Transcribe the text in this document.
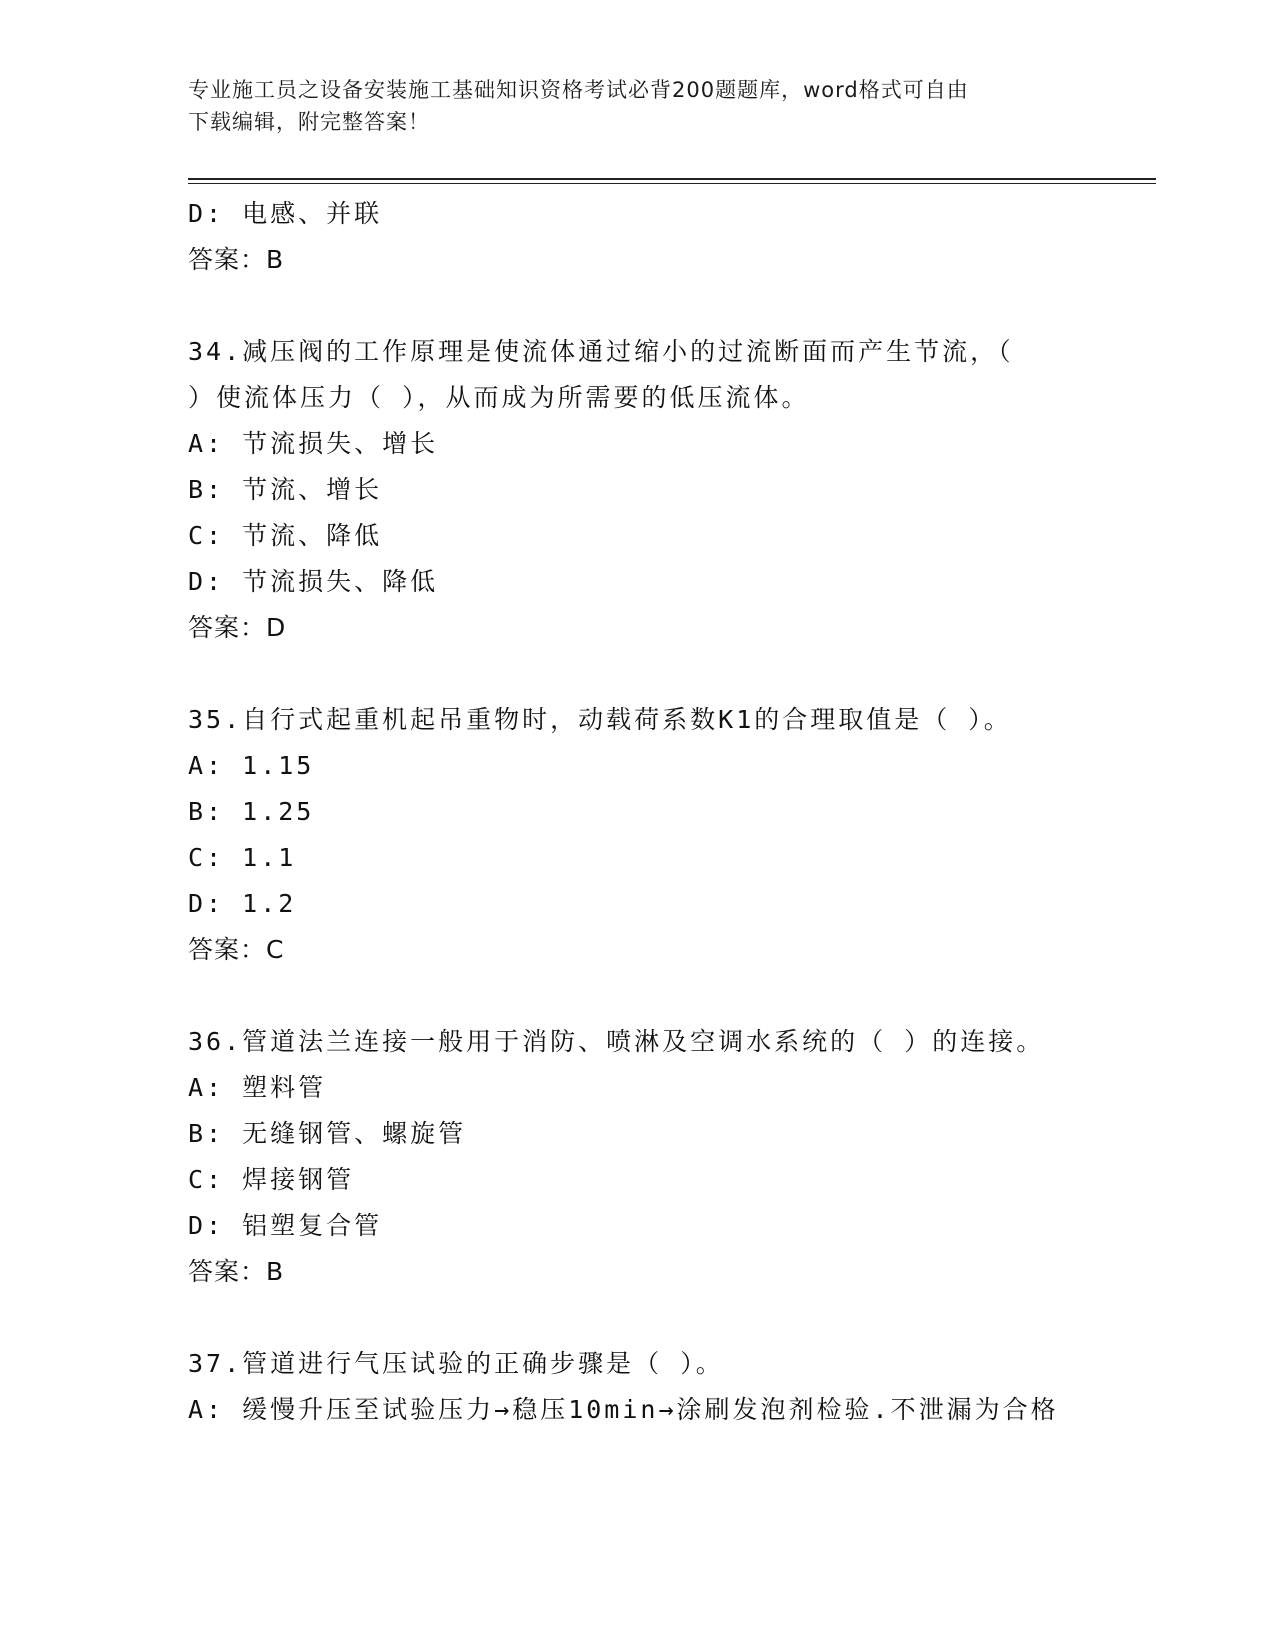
专业施工员之设备安装施工基础知识资格考试必背200题题库，word格式可自由
下载编辑，附完整答案！
D: 电感、并联
答案：B
34.减压阀的工作原理是使流体通过缩小的过流断面而产生节流，（
）使流体压力（ ），从而成为所需要的低压流体。
A: 节流损失、增长
B: 节流、增长
C: 节流、降低
D: 节流损失、降低
答案：D
35.自行式起重机起吊重物时，动载荷系数K1的合理取值是（ ）。
A: 1.15
B: 1.25
C: 1.1
D: 1.2
答案：C
36.管道法兰连接一般用于消防、喷淋及空调水系统的（ ）的连接。
A: 塑料管
B: 无缝钢管、螺旋管
C: 焊接钢管
D: 铝塑复合管
答案：B
37.管道进行气压试验的正确步骤是（ ）。
A: 缓慢升压至试验压力→稳压10min→涂刷发泡剂检验.不泄漏为合格
